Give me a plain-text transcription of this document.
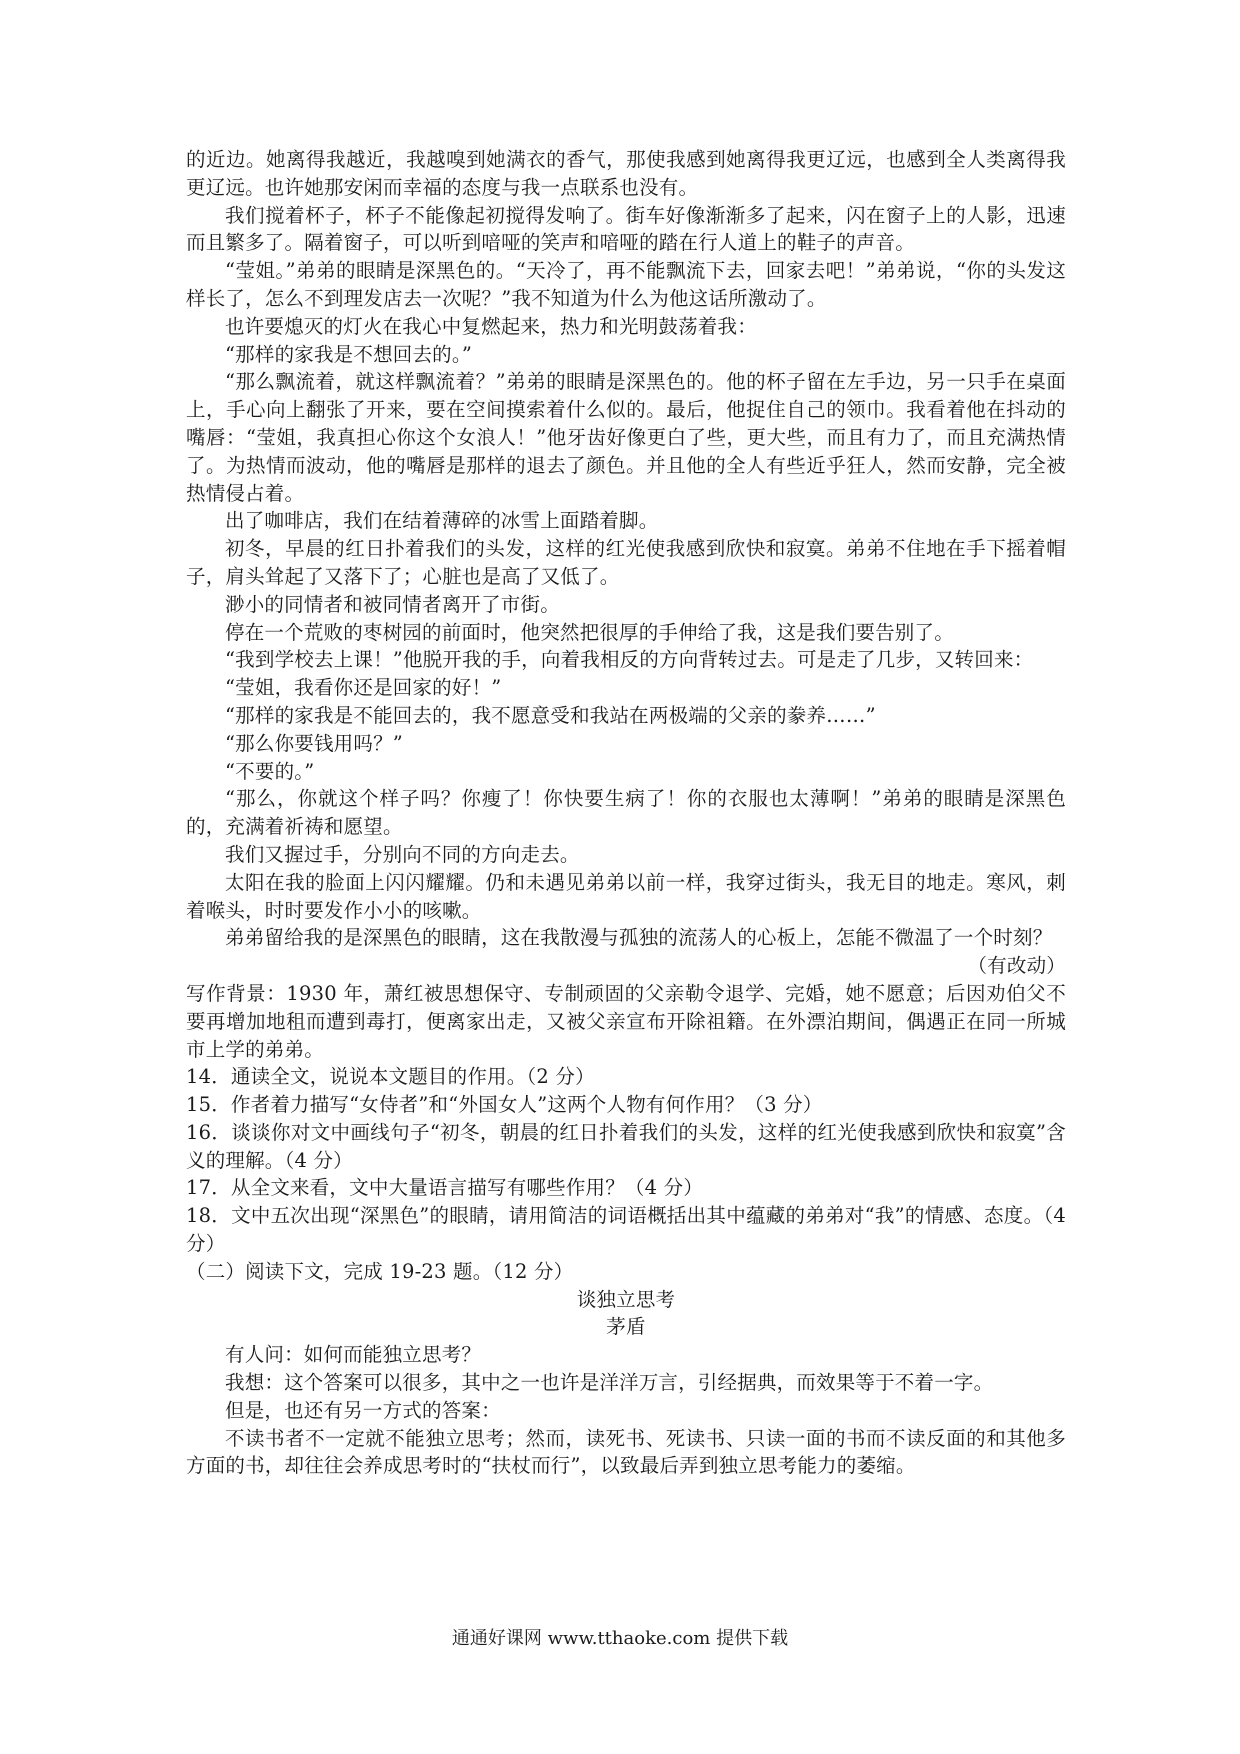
的近边。她离得我越近，我越嗅到她满衣的香气，那使我感到她离得我更辽远，也感到全人类离得我更辽远。也许她那安闲而幸福的态度与我一点联系也没有。

我们搅着杯子，杯子不能像起初搅得发响了。街车好像渐渐多了起来，闪在窗子上的人影，迅速而且繁多了。隔着窗子，可以听到喑哑的笑声和喑哑的踏在行人道上的鞋子的声音。

“莹姐。”弟弟的眼睛是深黑色的。“天冷了，再不能飘流下去，回家去吧！”弟弟说，“你的头发这样长了，怎么不到理发店去一次呢？”我不知道为什么为他这话所激动了。

也许要熄灭的灯火在我心中复燃起来，热力和光明鼓荡着我：

“那样的家我是不想回去的。”

“那么飘流着，就这样飘流着？”弟弟的眼睛是深黑色的。他的杯子留在左手边，另一只手在桌面上，手心向上翻张了开来，要在空间摸索着什么似的。最后，他捉住自己的领巾。我看着他在抖动的嘴唇：“莹姐，我真担心你这个女浪人！”他牙齿好像更白了些，更大些，而且有力了，而且充满热情了。为热情而波动，他的嘴唇是那样的退去了颜色。并且他的全人有些近乎狂人，然而安静，完全被热情侵占着。

出了咖啡店，我们在结着薄碎的冰雪上面踏着脚。

初冬，早晨的红日扑着我们的头发，这样的红光使我感到欣快和寂寞。弟弟不住地在手下摇着帽子，肩头耸起了又落下了；心脏也是高了又低了。

渺小的同情者和被同情者离开了市街。

停在一个荒败的枣树园的前面时，他突然把很厚的手伸给了我，这是我们要告别了。

“我到学校去上课！”他脱开我的手，向着我相反的方向背转过去。可是走了几步，又转回来：

“莹姐，我看你还是回家的好！”

“那样的家我是不能回去的，我不愿意受和我站在两极端的父亲的豢养……”

“那么你要钱用吗？”

“不要的。”

“那么，你就这个样子吗？你瘦了！你快要生病了！你的衣服也太薄啊！”弟弟的眼睛是深黑色的，充满着祈祷和愿望。

我们又握过手，分别向不同的方向走去。

太阳在我的脸面上闪闪耀耀。仍和未遇见弟弟以前一样，我穿过街头，我无目的地走。寒风，刺着喉头，时时要发作小小的咳嗽。

弟弟留给我的是深黑色的眼睛，这在我散漫与孤独的流荡人的心板上，怎能不微温了一个时刻？

（有改动）

写作背景：1930 年，萧红被思想保守、专制顽固的父亲勒令退学、完婚，她不愿意；后因劝伯父不要再增加地租而遭到毒打，便离家出走，又被父亲宣布开除祖籍。在外漂泊期间，偶遇正在同一所城市上学的弟弟。

14．通读全文，说说本文题目的作用。（2 分）

15．作者着力描写“女侍者”和“外国女人”这两个人物有何作用？（3 分）

16．谈谈你对文中画线句子“初冬，朝晨的红日扑着我们的头发，这样的红光使我感到欣快和寂寞”含义的理解。（4 分）

17．从全文来看，文中大量语言描写有哪些作用？（4 分）

18．文中五次出现“深黑色”的眼睛，请用简洁的词语概括出其中蕴藏的弟弟对“我”的情感、态度。（4 分）

（二）阅读下文，完成 19-23 题。（12 分）

谈独立思考

茅盾

有人问：如何而能独立思考？

我想：这个答案可以很多，其中之一也许是洋洋万言，引经据典，而效果等于不着一字。

但是，也还有另一方式的答案：

不读书者不一定就不能独立思考；然而，读死书、死读书、只读一面的书而不读反面的和其他多方面的书，却往往会养成思考时的“扶杖而行”，以致最后弄到独立思考能力的萎缩。

通通好课网 www.tthaoke.com 提供下载
